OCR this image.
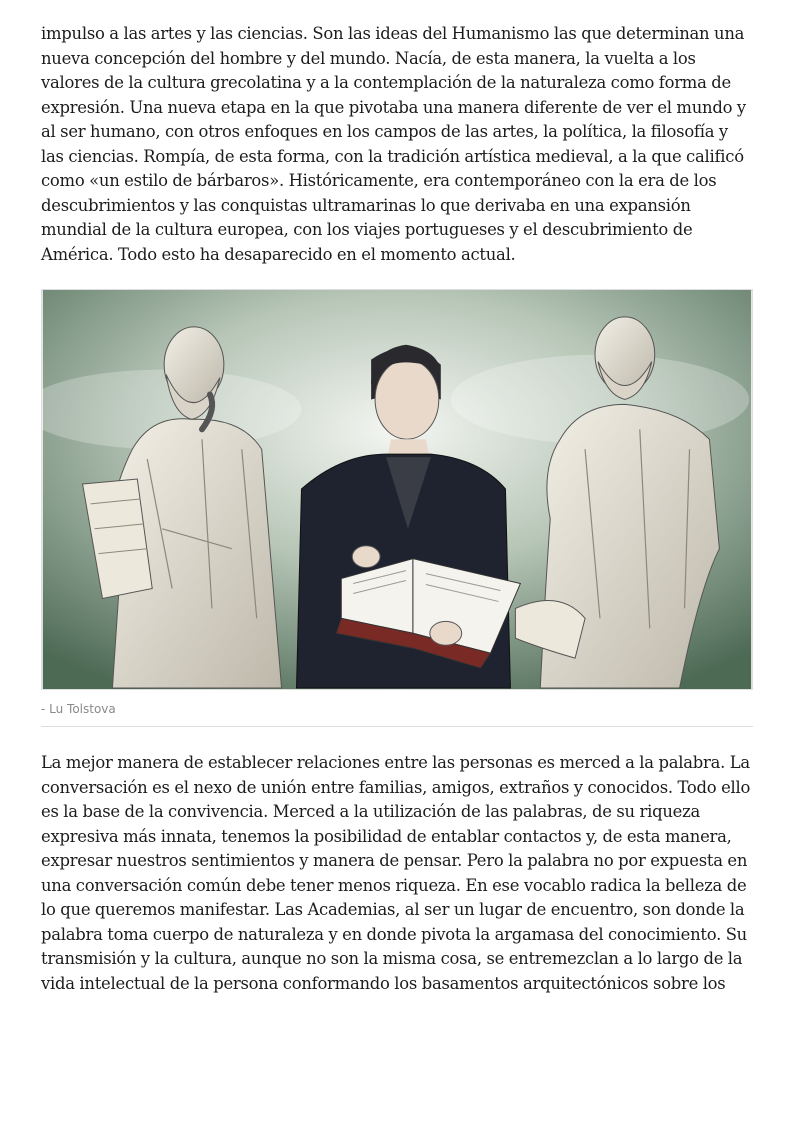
impulso a las artes y las ciencias. Son las ideas del Humanismo las que determinan una nueva concepción del hombre y del mundo. Nacía, de esta manera, la vuelta a los valores de la cultura grecolatina y a la contemplación de la naturaleza como forma de expresión. Una nueva etapa en la que pivotaba una manera diferente de ver el mundo y al ser humano, con otros enfoques en los campos de las artes, la política, la filosofía y las ciencias. Rompía, de esta forma, con la tradición artística medieval, a la que calificó como «un estilo de bárbaros». Históricamente, era contemporáneo con la era de los descubrimientos y las conquistas ultramarinas lo que derivaba en una expansión mundial de la cultura europea, con los viajes portugueses y el descubrimiento de América. Todo esto ha desaparecido en el momento actual.

- Lu Tolstova

La mejor manera de establecer relaciones entre las personas es merced a la palabra. La conversación es el nexo de unión entre familias, amigos, extraños y conocidos. Todo ello es la base de la convivencia. Merced a la utilización de las palabras, de su riqueza expresiva más innata, tenemos la posibilidad de entablar contactos y, de esta manera, expresar nuestros sentimientos y manera de pensar. Pero la palabra no por expuesta en una conversación común debe tener menos riqueza. En ese vocablo radica la belleza de lo que queremos manifestar. Las Academias, al ser un lugar de encuentro, son donde la palabra toma cuerpo de naturaleza y en donde pivota la argamasa del conocimiento. Su transmisión y la cultura, aunque no son la misma cosa, se entremezclan a lo largo de la vida intelectual de la persona conformando los basamentos arquitectónicos sobre los
